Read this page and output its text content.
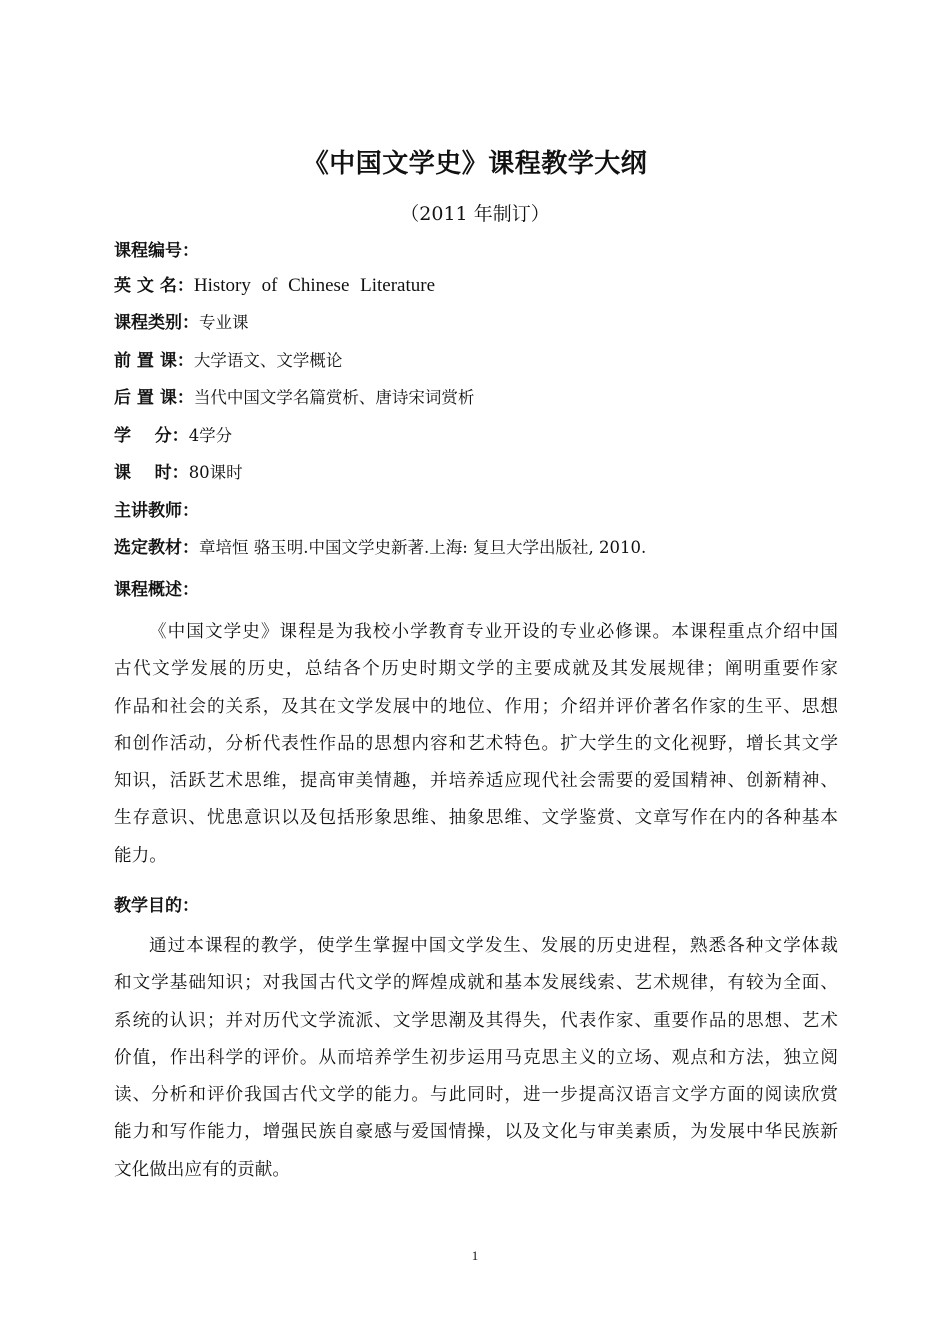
《中国文学史》课程教学大纲
（2011 年制订）
课程编号：
英 文 名：History of Chinese Literature
课程类别：专业课
前 置 课：大学语文、文学概论
后 置 课：当代中国文学名篇赏析、唐诗宋词赏析
学    分：4学分
课    时：80课时
主讲教师：
选定教材：章培恒 骆玉明.中国文学史新著.上海: 复旦大学出版社, 2010.
课程概述：
《中国文学史》课程是为我校小学教育专业开设的专业必修课。本课程重点介绍中国
古代文学发展的历史，总结各个历史时期文学的主要成就及其发展规律；阐明重要作家
作品和社会的关系，及其在文学发展中的地位、作用；介绍并评价著名作家的生平、思想
和创作活动，分析代表性作品的思想内容和艺术特色。扩大学生的文化视野，增长其文学
知识，活跃艺术思维，提高审美情趣，并培养适应现代社会需要的爱国精神、创新精神、
生存意识、忧患意识以及包括形象思维、抽象思维、文学鉴赏、文章写作在内的各种基本
能力。
教学目的：
通过本课程的教学，使学生掌握中国文学发生、发展的历史进程，熟悉各种文学体裁
和文学基础知识；对我国古代文学的辉煌成就和基本发展线索、艺术规律，有较为全面、
系统的认识；并对历代文学流派、文学思潮及其得失，代表作家、重要作品的思想、艺术
价值，作出科学的评价。从而培养学生初步运用马克思主义的立场、观点和方法，独立阅
读、分析和评价我国古代文学的能力。与此同时，进一步提高汉语言文学方面的阅读欣赏
能力和写作能力，增强民族自豪感与爱国情操，以及文化与审美素质，为发展中华民族新
文化做出应有的贡献。
1
